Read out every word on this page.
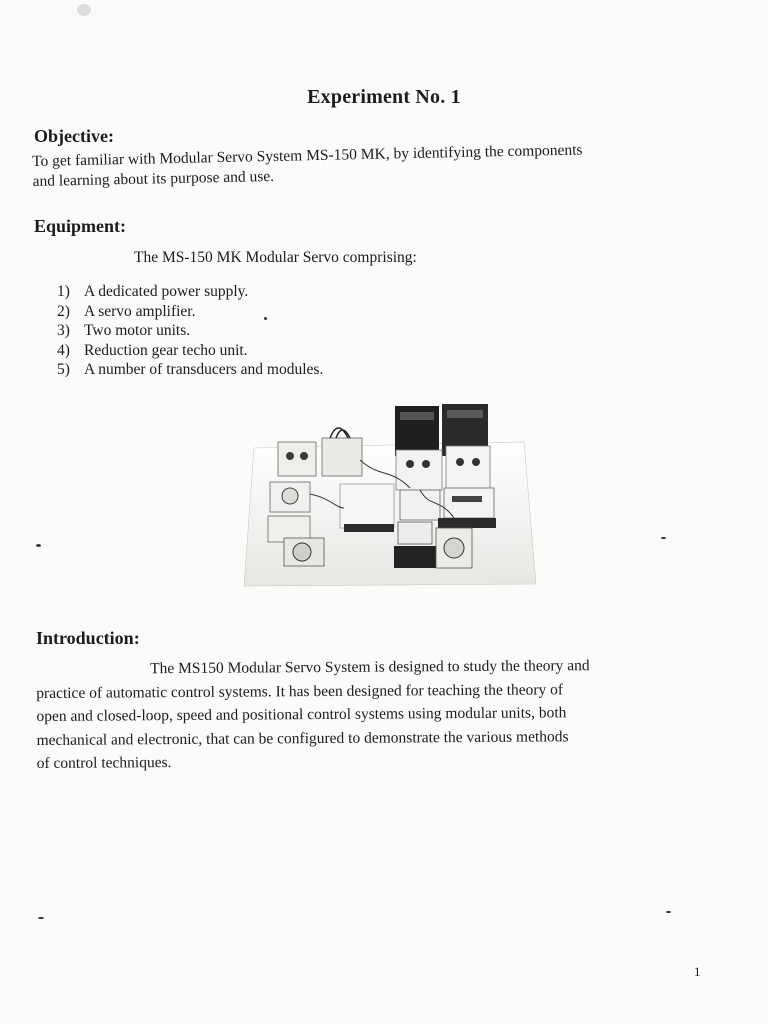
Experiment No. 1
Objective:
To get familiar with Modular Servo System MS-150 MK, by identifying the components
and learning about its purpose and use.
Equipment:
The MS-150 MK Modular Servo comprising:
1) A dedicated power supply.
2) A servo amplifier.
3) Two motor units.
4) Reduction gear techo unit.
5) A number of transducers and modules.
Introduction:
The MS150 Modular Servo System is designed to study the theory and
practice of automatic control systems. It has been designed for teaching the theory of
open and closed-loop, speed and positional control systems using modular units, both
mechanical and electronic, that can be configured to demonstrate the various methods
of control techniques.
1
